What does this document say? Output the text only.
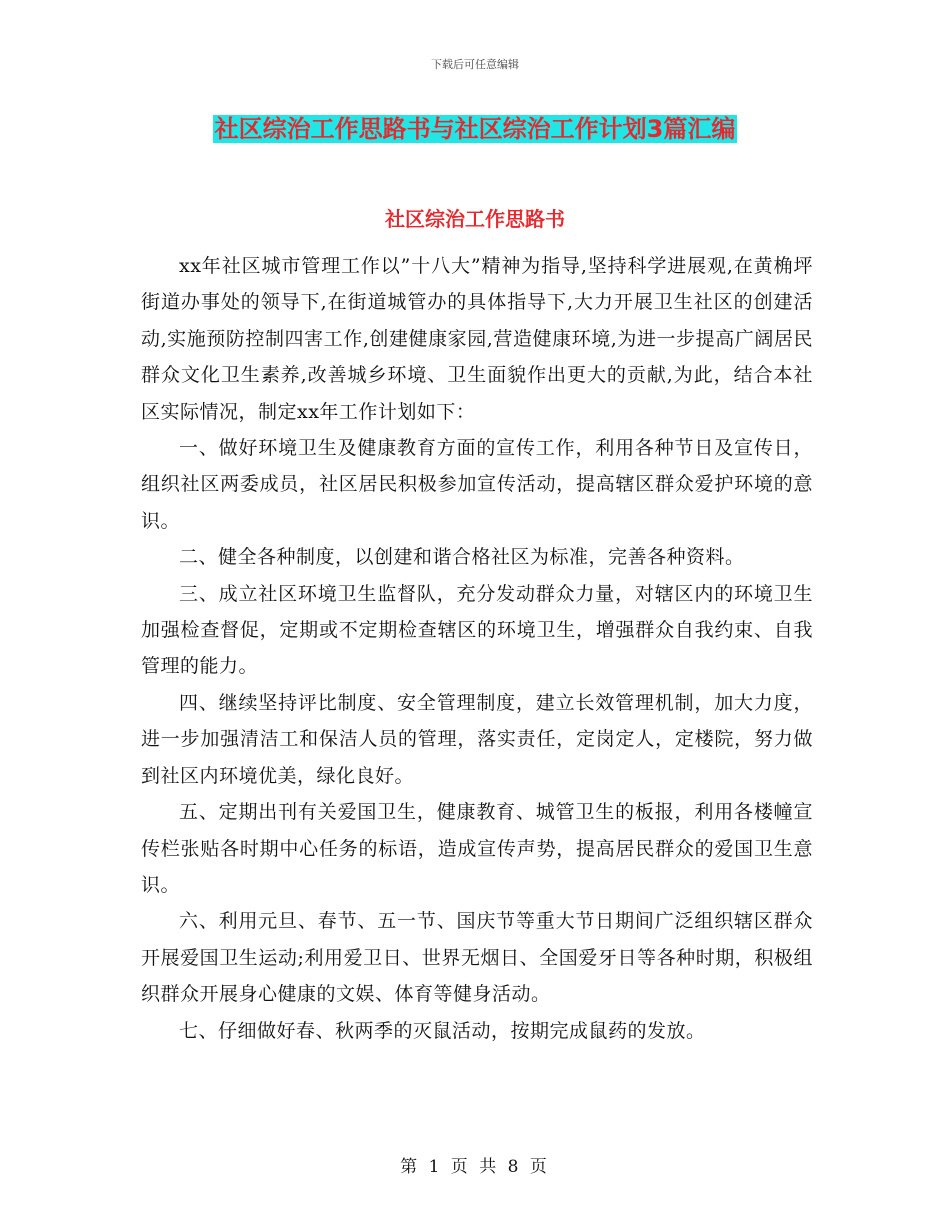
下载后可任意编辑
社区综治工作思路书与社区综治工作计划3篇汇编
社区综治工作思路书

xx年社区城市管理工作以”十八大”精神为指导,坚持科学进展观,在黄桷坪街道办事处的领导下,在街道城管办的具体指导下,大力开展卫生社区的创建活动,实施预防控制四害工作,创建健康家园,营造健康环境,为进一步提高广阔居民群众文化卫生素养,改善城乡环境、卫生面貌作出更大的贡献,为此，结合本社区实际情况，制定xx年工作计划如下：

一、做好环境卫生及健康教育方面的宣传工作，利用各种节日及宣传日，组织社区两委成员，社区居民积极参加宣传活动，提高辖区群众爱护环境的意识。

二、健全各种制度，以创建和谐合格社区为标准，完善各种资料。

三、成立社区环境卫生监督队，充分发动群众力量，对辖区内的环境卫生加强检查督促，定期或不定期检查辖区的环境卫生，增强群众自我约束、自我管理的能力。

四、继续坚持评比制度、安全管理制度，建立长效管理机制，加大力度，进一步加强清洁工和保洁人员的管理，落实责任，定岗定人，定楼院，努力做到社区内环境优美，绿化良好。

五、定期出刊有关爱国卫生，健康教育、城管卫生的板报，利用各楼幢宣传栏张贴各时期中心任务的标语，造成宣传声势，提高居民群众的爱国卫生意识。

六、利用元旦、春节、五一节、国庆节等重大节日期间广泛组织辖区群众开展爱国卫生运动;利用爱卫日、世界无烟日、全国爱牙日等各种时期，积极组织群众开展身心健康的文娱、体育等健身活动。

七、仔细做好春、秋两季的灭鼠活动，按期完成鼠药的发放。

第 1 页 共 8 页
